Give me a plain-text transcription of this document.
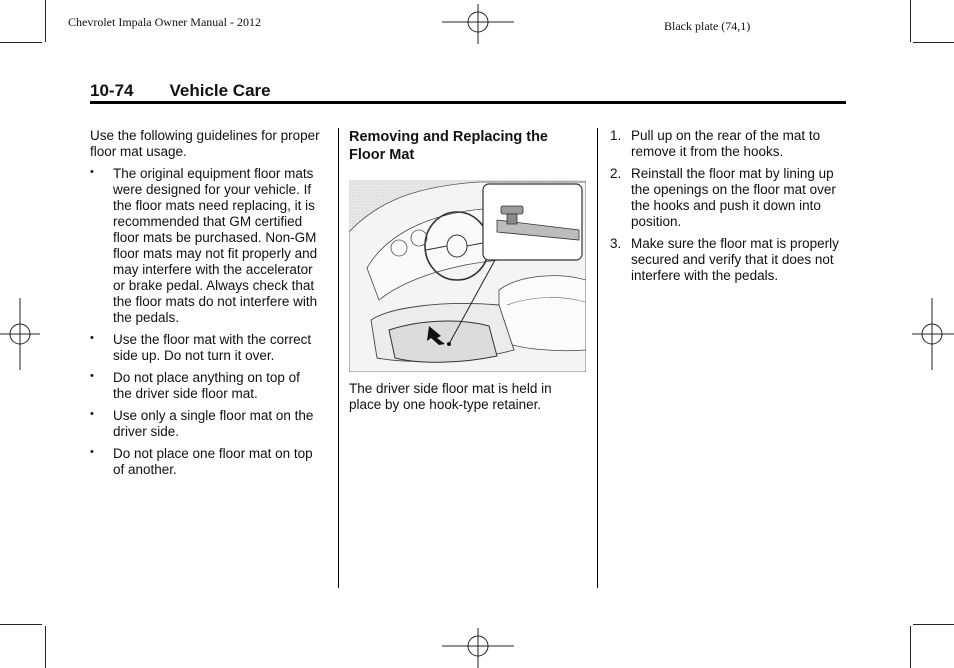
Chevrolet Impala Owner Manual - 2012	Black plate (74,1)
10-74 Vehicle Care

Use the following guidelines for proper floor mat usage.

• The original equipment floor mats were designed for your vehicle. If the floor mats need replacing, it is recommended that GM certified floor mats be purchased. Non-GM floor mats may not fit properly and may interfere with the accelerator or brake pedal. Always check that the floor mats do not interfere with the pedals.
• Use the floor mat with the correct side up. Do not turn it over.
• Do not place anything on top of the driver side floor mat.
• Use only a single floor mat on the driver side.
• Do not place one floor mat on top of another.

Removing and Replacing the Floor Mat

The driver side floor mat is held in place by one hook-type retainer.

1. Pull up on the rear of the mat to remove it from the hooks.
2. Reinstall the floor mat by lining up the openings on the floor mat over the hooks and push it down into position.
3. Make sure the floor mat is properly secured and verify that it does not interfere with the pedals.
